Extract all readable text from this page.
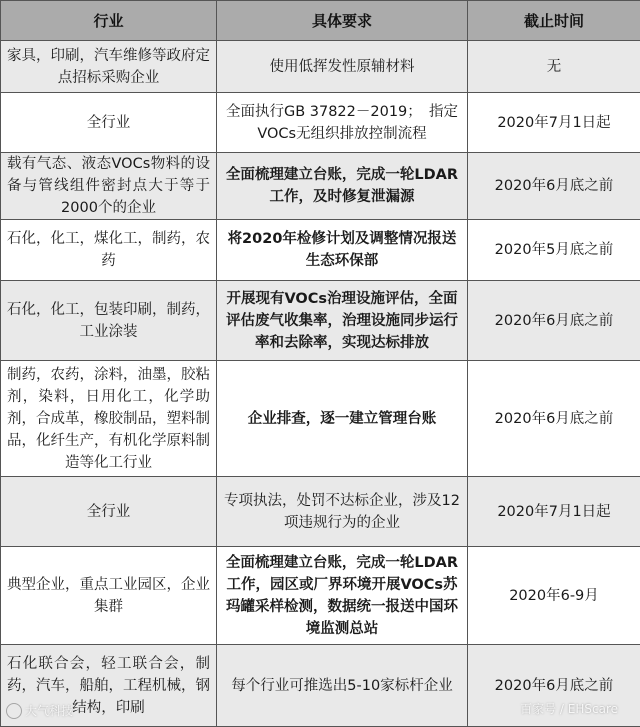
行业	具体要求	截止时间
家具，印刷，汽车维修等政府定点招标采购企业	使用低挥发性原辅材料	无
全行业	全面执行GB 37822－2019；　指定VOCs无组织排放控制流程	2020年7月1日起
载有气态、液态VOCs物料的设备与管线组件密封点大于等于2000个的企业	全面梳理建立台账，完成一轮LDAR工作，及时修复泄漏源	2020年6月底之前
石化，化工，煤化工，制药，农药	将2020年检修计划及调整情况报送生态环保部	2020年5月底之前
石化，化工，包装印刷，制药，工业涂装	开展现有VOCs治理设施评估，全面评估废气收集率，治理设施同步运行率和去除率，实现达标排放	2020年6月底之前
制药，农药，涂料，油墨，胶粘剂，染料，日用化工，化学助剂，合成革，橡胶制品，塑料制品，化纤生产，有机化学原料制造等化工行业	企业排查，逐一建立管理台账	2020年6月底之前
全行业	专项执法，处罚不达标企业，涉及12项违规行为的企业	2020年7月1日起
典型企业，重点工业园区，企业集群	全面梳理建立台账，完成一轮LDAR工作，园区或厂界环境开展VOCs苏玛罐采样检测，数据统一报送中国环境监测总站	2020年6-9月
石化联合会，轻工联合会，制药，汽车，船舶，工程机械，钢结构，印刷	每个行业可推选出5-10家标杆企业	2020年6月底之前
大气科技	百家号 / EHScare
